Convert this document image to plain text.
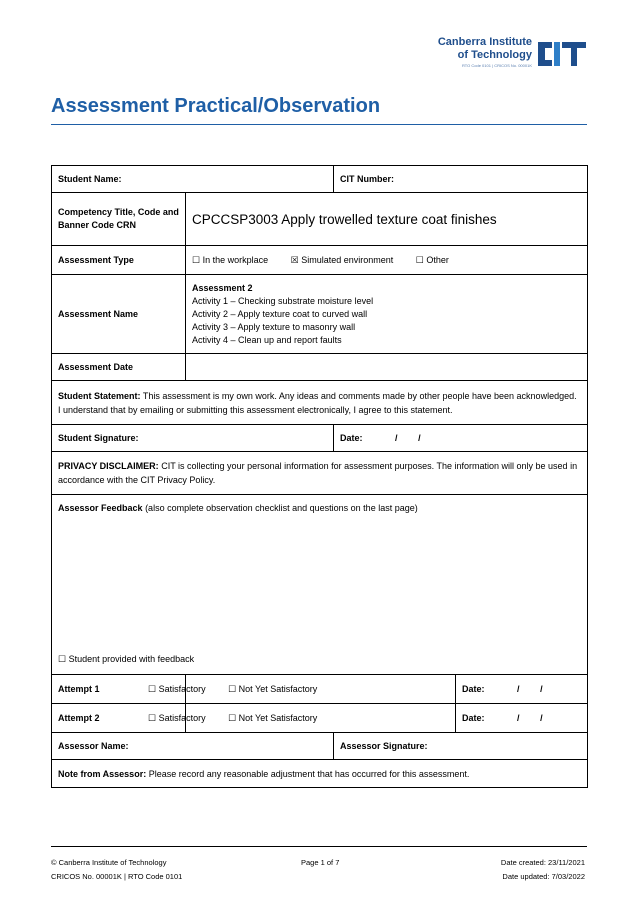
Canberra Institute
of Technology
RTO Code 0101 | CRICOS No. 00001K
Assessment Practical/Observation
Student Name:		CIT Number:	
Competency Title, Code and Banner Code CRN	CPCCSP3003 Apply trowelled texture coat finishes		
Assessment Type	☐ In the workplace ☒ Simulated environment ☐ Other		
Assessment Name	Assessment 2
Activity 1 – Checking substrate moisture level
Activity 2 – Apply texture coat to curved wall
Activity 3 – Apply texture to masonry wall
Activity 4 – Clean up and report faults		

Assessment Date			
Student Statement: This assessment is my own work. Any ideas and comments made by other people have been acknowledged. I understand that by emailing or submitting this assessment electronically, I agree to this statement.			
Student Signature:		Date: / /	
PRIVACY DISCLAIMER: CIT is collecting your personal information for assessment purposes. The information will only be used in accordance with the CIT Privacy Policy.			
Assessor Feedback (also complete observation checklist and questions on the last page)
☐ Student provided with feedback			

Attempt 1	☐ Satisfactory ☐ Not Yet Satisfactory		Date: / /
Attempt 2	☐ Satisfactory ☐ Not Yet Satisfactory		Date: / /
Assessor Name:		Assessor Signature:	
Note from Assessor: Please record any reasonable adjustment that has occurred for this assessment.			
© Canberra Institute of Technology
CRICOS No. 00001K | RTO Code 0101
Page 1 of 7	Date created: 23/11/2021
Date updated: 7/03/2022
